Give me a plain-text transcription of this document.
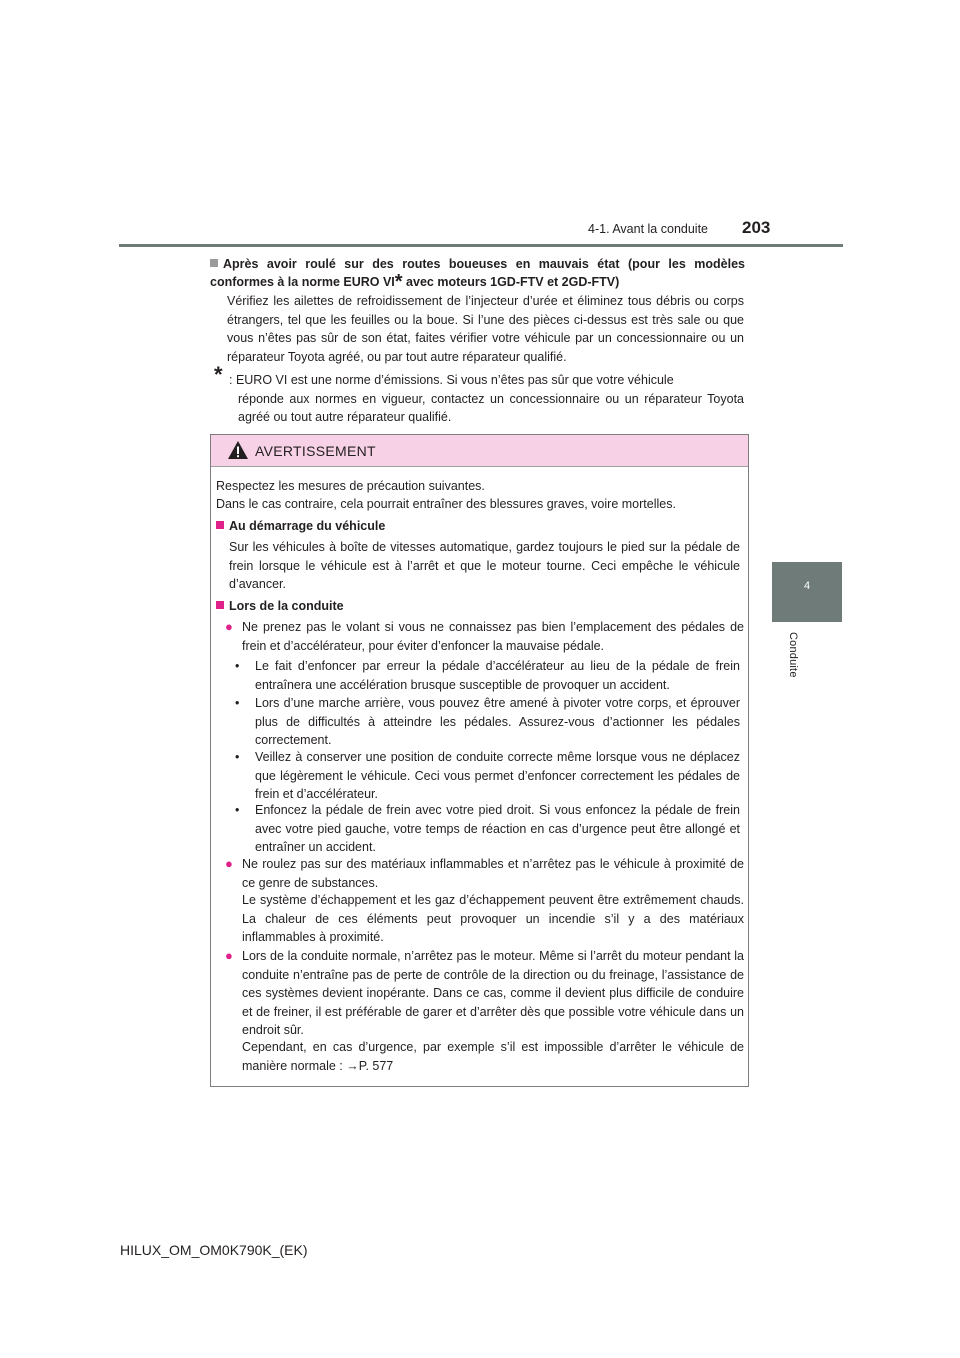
4-1. Avant la conduite 203
4
Conduite
Après avoir roulé sur des routes boueuses en mauvais état (pour les modèles conformes à la norme EURO VI* avec moteurs 1GD-FTV et 2GD-FTV)
Vérifiez les ailettes de refroidissement de l’injecteur d’urée et éliminez tous débris ou corps étrangers, tel que les feuilles ou la boue. Si l’une des pièces ci-dessus est très sale ou que vous n’êtes pas sûr de son état, faites vérifier votre véhicule par un concessionnaire ou un réparateur Toyota agréé, ou par tout autre réparateur qualifié.
* : EURO VI est une norme d’émissions. Si vous n’êtes pas sûr que votre véhicule
réponde aux normes en vigueur, contactez un concessionnaire ou un réparateur Toyota agréé ou tout autre réparateur qualifié.
AVERTISSEMENT
Respectez les mesures de précaution suivantes.
Dans le cas contraire, cela pourrait entraîner des blessures graves, voire mortelles.
Au démarrage du véhicule
Sur les véhicules à boîte de vitesses automatique, gardez toujours le pied sur la pédale de frein lorsque le véhicule est à l’arrêt et que le moteur tourne. Ceci empêche le véhicule d’avancer.
Lors de la conduite
● Ne prenez pas le volant si vous ne connaissez pas bien l’emplacement des pédales de frein et d’accélérateur, pour éviter d’enfoncer la mauvaise pédale.
•	Le fait d’enfoncer par erreur la pédale d’accélérateur au lieu de la pédale de frein entraînera une accélération brusque susceptible de provoquer un accident.
•	Lors d’une marche arrière, vous pouvez être amené à pivoter votre corps, et éprouver plus de difficultés à atteindre les pédales. Assurez-vous d’actionner les pédales correctement.
•	Veillez à conserver une position de conduite correcte même lorsque vous ne déplacez que légèrement le véhicule. Ceci vous permet d’enfoncer correctement les pédales de frein et d’accélérateur.
•	Enfoncez la pédale de frein avec votre pied droit. Si vous enfoncez la pédale de frein avec votre pied gauche, votre temps de réaction en cas d’urgence peut être allongé et entraîner un accident.
● Ne roulez pas sur des matériaux inflammables et n’arrêtez pas le véhicule à proximité de ce genre de substances.
Le système d’échappement et les gaz d’échappement peuvent être extrêmement chauds. La chaleur de ces éléments peut provoquer un incendie s’il y a des matériaux inflammables à proximité.
● Lors de la conduite normale, n’arrêtez pas le moteur. Même si l’arrêt du moteur pendant la conduite n’entraîne pas de perte de contrôle de la direction ou du freinage, l’assistance de ces systèmes devient inopérante. Dans ce cas, comme il devient plus difficile de conduire et de freiner, il est préférable de garer et d’arrêter dès que possible votre véhicule dans un endroit sûr.
Cependant, en cas d’urgence, par exemple s’il est impossible d’arrêter le véhicule de manière normale : →P. 577
HILUX_OM_OM0K790K_(EK)
